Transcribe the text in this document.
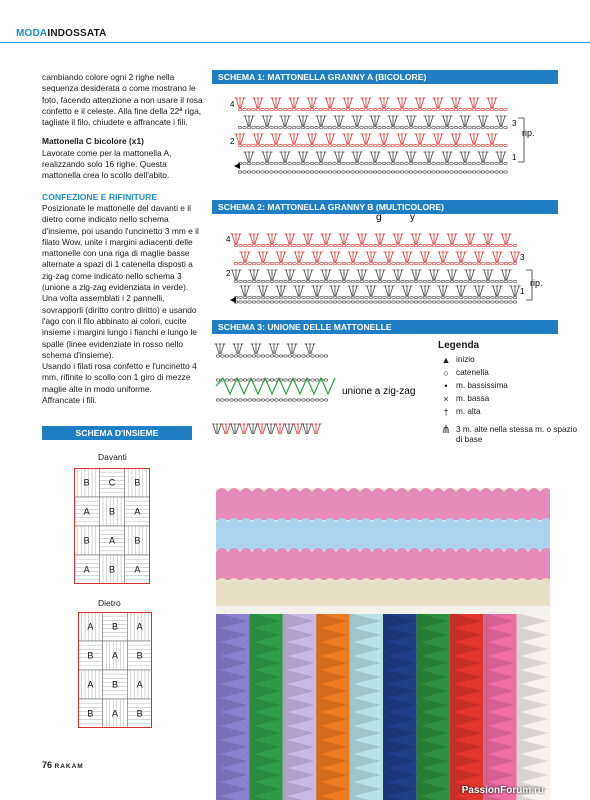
MODAINDOSSATA

cambiando colore ogni 2 righe nella sequenza desiderata o come mostrano le foto, facendo attenzione a non usare il rosa confetto e il celeste. Alla fine della 22ª riga, tagliate il filo, chiudete e affrancate i fili.

Mattonella C bicolore (x1)

Lavorate come per la mattonella A, realizzando solo 16 righe. Questa mattonella crea lo scollo dell'abito.

CONFEZIONE E RIFINITURE

Posizionate le mattonelle del davanti e il dietro come indicato nello schema d'insieme, poi usando l'uncinetto 3 mm e il filato Wow, unite i margini adiacenti delle mattonelle con una riga di maglie basse alternate a spazi di 1 catenella disposti a zig-zag come indicato nello schema 3 (unione a zig-zag evidenziata in verde). Una volta assemblati i 2 pannelli, sovrapporli (diritto contro diritto) e usando l'ago con il filo abbinato ai colori, cucite insieme i margini lungo i fianchi e lungo le spalle (linee evidenziate in rosso nello schema d'insieme).

Usando i filati rosa confetto e l'uncinetto 4 mm, rifinite lo scollo con 1 giro di mezze maglie alte in modo uniforme.

Affrancate i fili.

SCHEMA D'INSIEME
Davanti
Dietro
B C B
A B A
B A B
A B A
A B A
B A B
A B A
B A B
SCHEMA 1: MATTONELLA GRANNY A (BICOLORE)
4
3
2
1
rip.
SCHEMA 2: MATTONELLA GRANNY B (MULTICOLORE)
g	y
4
3
2
1
rip.
SCHEMA 3: UNIONE DELLE MATTONELLE
unione a zig-zag
Legenda
▲ inizio
○ catenella
•	m. bassissima
× m. bassa
† m. alta
⋔ 3 m. alte nella stessa m. o spazio di base
PassionForum.ru
76 RAKAM
